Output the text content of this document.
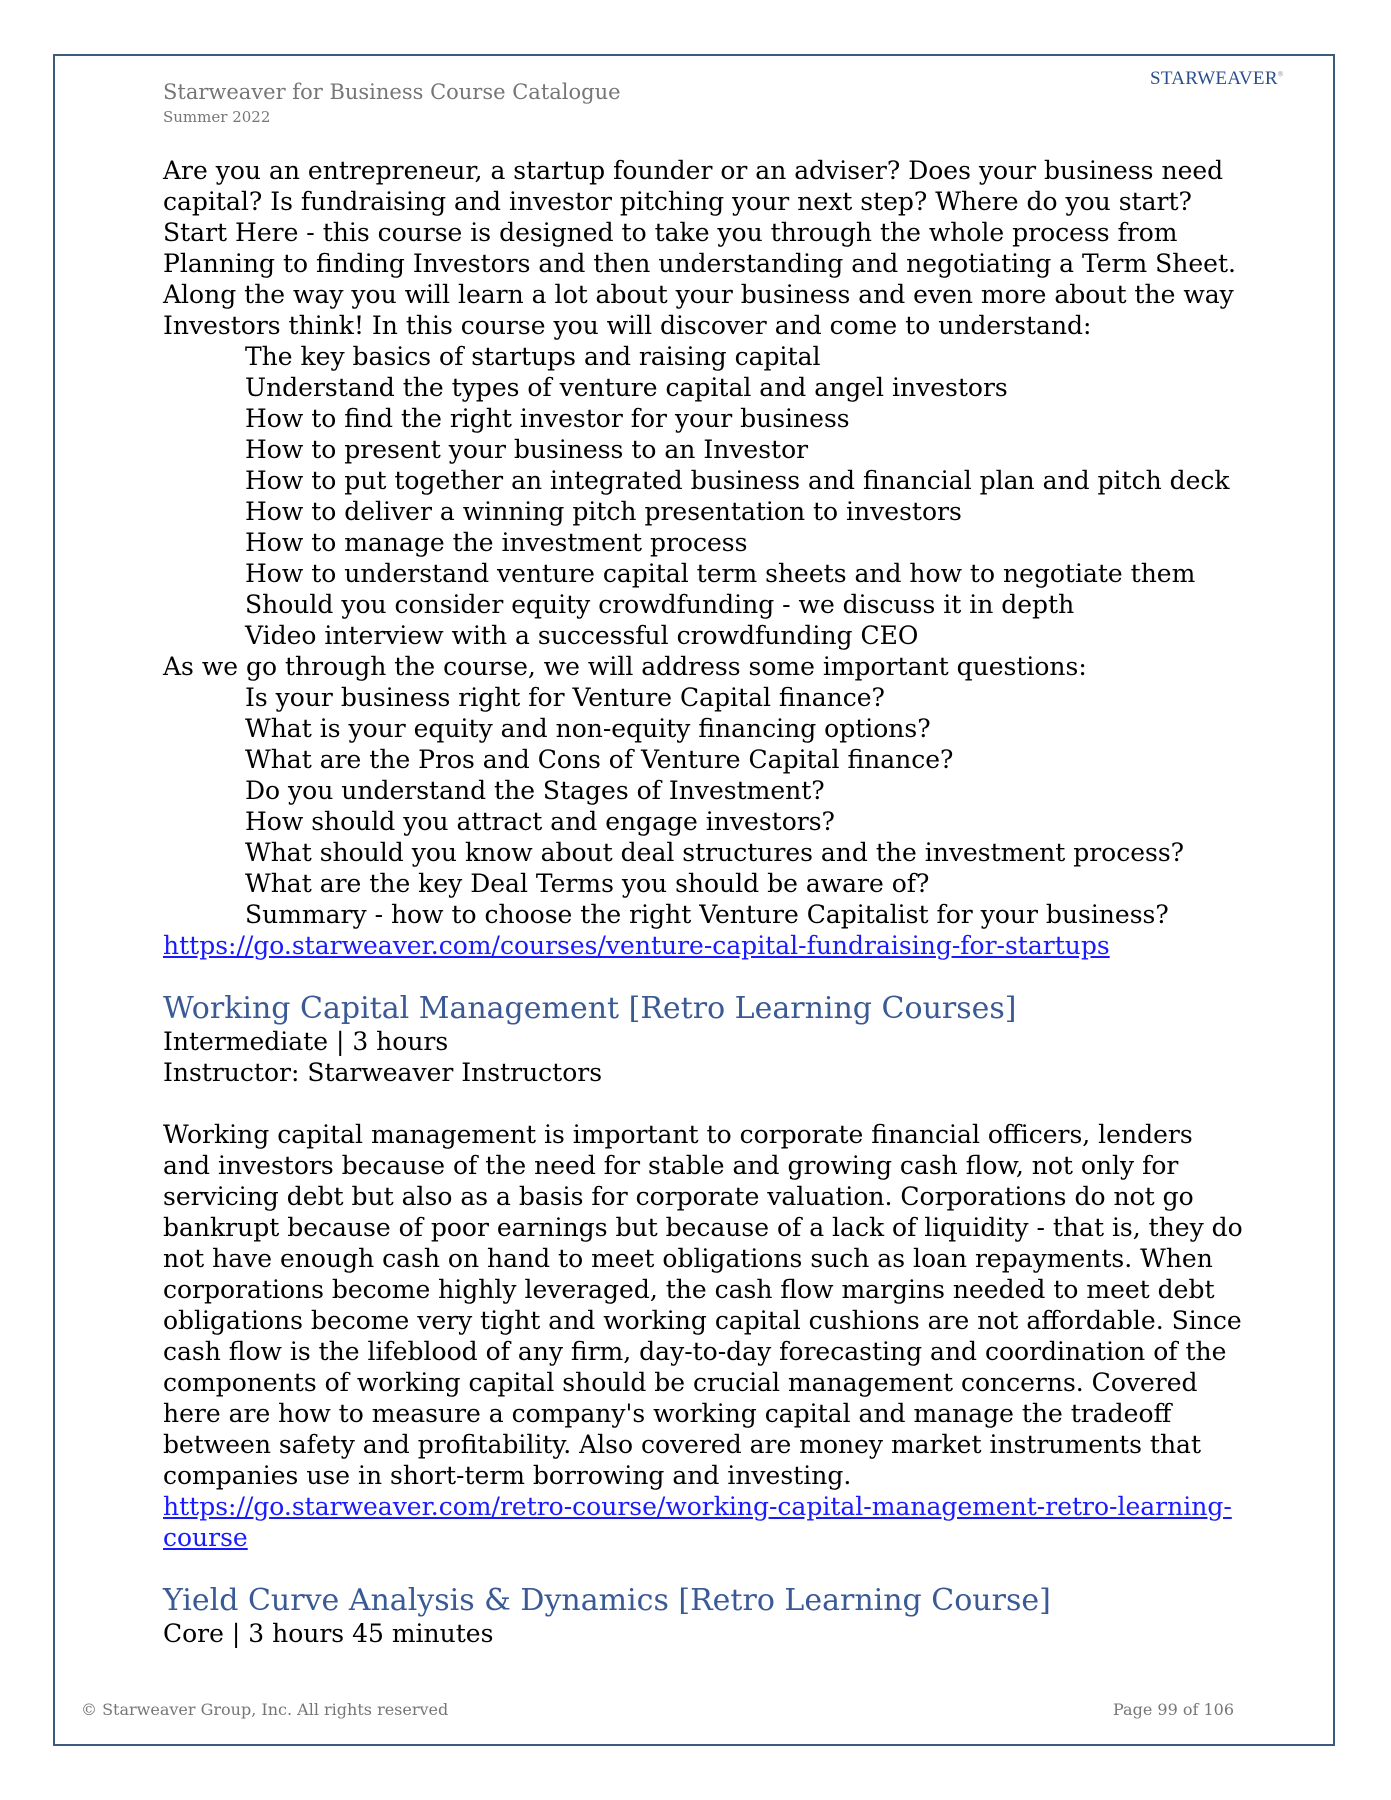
Starweaver for Business Course Catalogue
Summer 2022
STARWEAVER®

Are you an entrepreneur, a startup founder or an adviser? Does your business need capital? Is fundraising and investor pitching your next step? Where do you start? Start Here - this course is designed to take you through the whole process from Planning to finding Investors and then understanding and negotiating a Term Sheet. Along the way you will learn a lot about your business and even more about the way Investors think! In this course you will discover and come to understand:

The key basics of startups and raising capital
Understand the types of venture capital and angel investors
How to find the right investor for your business
How to present your business to an Investor
How to put together an integrated business and financial plan and pitch deck
How to deliver a winning pitch presentation to investors
How to manage the investment process
How to understand venture capital term sheets and how to negotiate them
Should you consider equity crowdfunding - we discuss it in depth
Video interview with a successful crowdfunding CEO

As we go through the course, we will address some important questions:

Is your business right for Venture Capital finance?
What is your equity and non-equity financing options?
What are the Pros and Cons of Venture Capital finance?
Do you understand the Stages of Investment?
How should you attract and engage investors?
What should you know about deal structures and the investment process?
What are the key Deal Terms you should be aware of?
Summary - how to choose the right Venture Capitalist for your business?

https://go.starweaver.com/courses/venture-capital-fundraising-for-startups

Working Capital Management [Retro Learning Courses]

Intermediate | 3 hours

Instructor: Starweaver Instructors

Working capital management is important to corporate financial officers, lenders and investors because of the need for stable and growing cash flow, not only for servicing debt but also as a basis for corporate valuation. Corporations do not go bankrupt because of poor earnings but because of a lack of liquidity - that is, they do not have enough cash on hand to meet obligations such as loan repayments. When corporations become highly leveraged, the cash flow margins needed to meet debt obligations become very tight and working capital cushions are not affordable. Since cash flow is the lifeblood of any firm, day-to-day forecasting and coordination of the components of working capital should be crucial management concerns. Covered here are how to measure a company's working capital and manage the tradeoff between safety and profitability. Also covered are money market instruments that companies use in short-term borrowing and investing.

https://go.starweaver.com/retro-course/working-capital-management-retro-learning-course

Yield Curve Analysis & Dynamics [Retro Learning Course]

Core | 3 hours 45 minutes

© Starweaver Group, Inc. All rights reserved	Page 99 of 106
